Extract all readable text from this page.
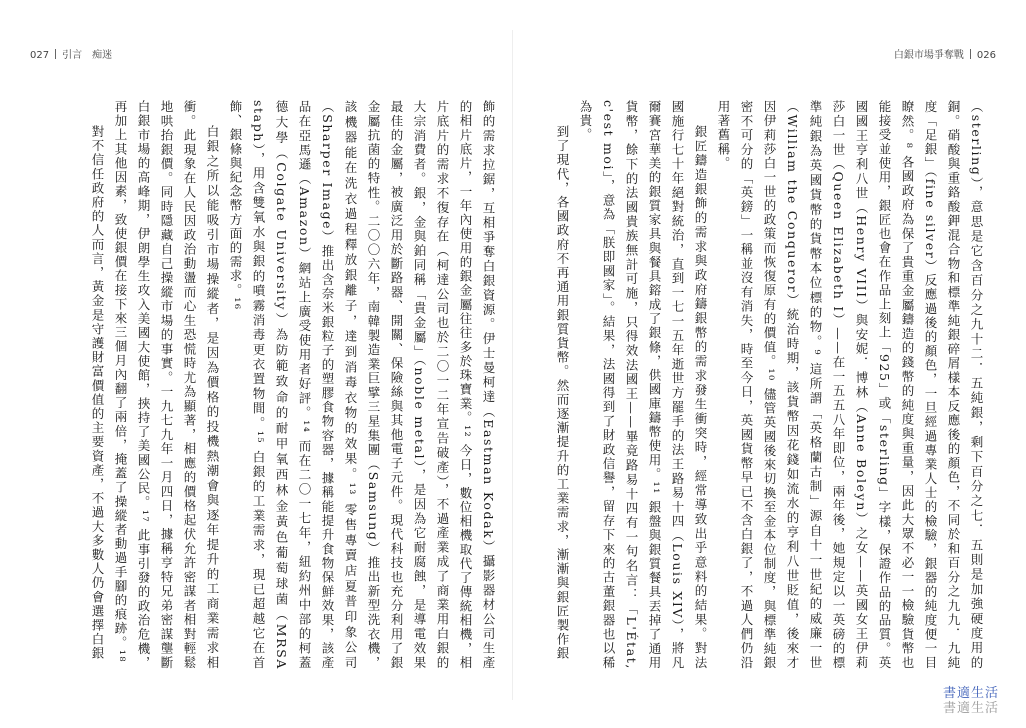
027 引言　痴迷	白銀市場爭奪戰 026

（sterling），意思是它含百分之九十二．五純銀，剩下百分之七．五則是加強硬度用的銅。硝酸與重鉻酸鉀混合物和標準純銀碎屑樣本反應後的顏色，不同於和百分之九九．九純度「足銀」（fine silver）反應過後的顏色，一旦經過專業人士的檢驗，銀器的純度便一目瞭然。⁸ 各國政府為保了貴重金屬鑄造的錢幣的純度與重量，因此大眾不必一一檢驗貨幣也能接受並使用，銀匠也會在作品上刻上「925」或「sterling」字樣，保證作品的品質。英國國王亨利八世（Henry VIII）與安妮．博林（Anne Boleyn）之女——英國女王伊莉莎白一世（Queen Elizabeth I）——在一五五八年即位，兩年後，她規定以一英磅的標準純銀為英國貨幣的貨幣本位標的物。⁹ 這所謂「英格蘭古制」源自十一世紀的威廉一世（William the Conqueror）統治時期，該貨幣因花錢如流水的亨利八世貶值，後來才因伊莉莎白一世的政策而恢復原有的價值。¹⁰ 儘管英國後來切換至金本位制度，與標準純銀密不可分的「英鎊」一稱並沒有消失，時至今日，英國貨幣早已不含白銀了，不過人們仍沿用著舊稱。

銀匠鑄造銀飾的需求與政府鑄銀幣的需求發生衝突時，經常導致出乎意料的結果。對法國施行七十年絕對統治，直到一七一五年逝世方罷手的法王路易十四（Louis XIV），將凡爾賽宮華美的銀質家具與餐具鎔成了銀條，供國庫鑄幣使用。¹¹ 銀盤與銀質餐具丟掉了通用貨幣，餘下的法國貴族無計可施，只得效法國王——畢竟路易十四有一句名言：「L'État, c'est moi」，意為「朕即國家」。結果，法國得到了財政信譽，留存下來的古董銀器也以稀為貴。

到了現代，各國政府不再通用銀質貨幣。然而逐漸提升的工業需求，漸漸與銀匠製作銀

飾的需求拉鋸，互相爭奪白銀資源。伊士曼柯達（Eastman Kodak）攝影器材公司生產的相片底片，一年內使用的銀金屬往往多於珠寶業。¹² 今日，數位相機取代了傳統相機，相片底片的需求不復存在（柯達公司也於二〇一二年宣告破產），不過產業成了商業用白銀的大宗消費者。銀，金與鉑同稱「貴金屬」（noble metal），是因為它耐腐蝕，是導電效果最佳的金屬，被廣泛用於斷路器、開關、保險絲與其他電子元件。現代科技也充分利用了銀金屬抗菌的特性。二〇〇六年，南韓製造業巨擘三星集團（Samsung）推出新型洗衣機，該機器能在洗衣過程釋放銀離子，達到消毒衣物的效果。¹³ 零售專賣店夏普印象公司（Sharper Image）推出含奈米銀粒子的塑膠食物容器，據稱能提升食物保鮮效果，該產品在亞馬遜（Amazon）網站上廣受使用者好評。¹⁴ 而在二〇一七年，紐約州中部的柯蓋德大學（Colgate University）為防範致命的耐甲氧西林金黃色葡萄球菌（MRSA staph），用含雙氧水與銀的噴霧消毒更衣置物間。¹⁵ 白銀的工業需求，現已超越它在首飾、銀條與紀念幣方面的需求。¹⁶

白銀之所以能吸引市場操縱者，是因為價格的投機熱潮會與逐年提升的工商業需求相衝。此現象在人民因政治動盪而心生恐慌時尤為顯著，相應的價格起伏允許密謀者相對輕鬆地哄抬銀價。同時隱藏自己操縱市場的事實。一九七九年一月四日，據稱亨特兄弟密謀壟斷白銀市場的高峰期，伊朗學生攻入美國大使館，挾持了美國公民。¹⁷ 此事引發的政治危機，再加上其他因素，致使銀價在接下來三個月內翻了兩倍，掩蓋了操縱者動過手腳的痕跡。¹⁸

對不信任政府的人而言，黃金是守護財富價值的主要資產，不過大多數人仍會選擇白銀

書適生活
書適生活
